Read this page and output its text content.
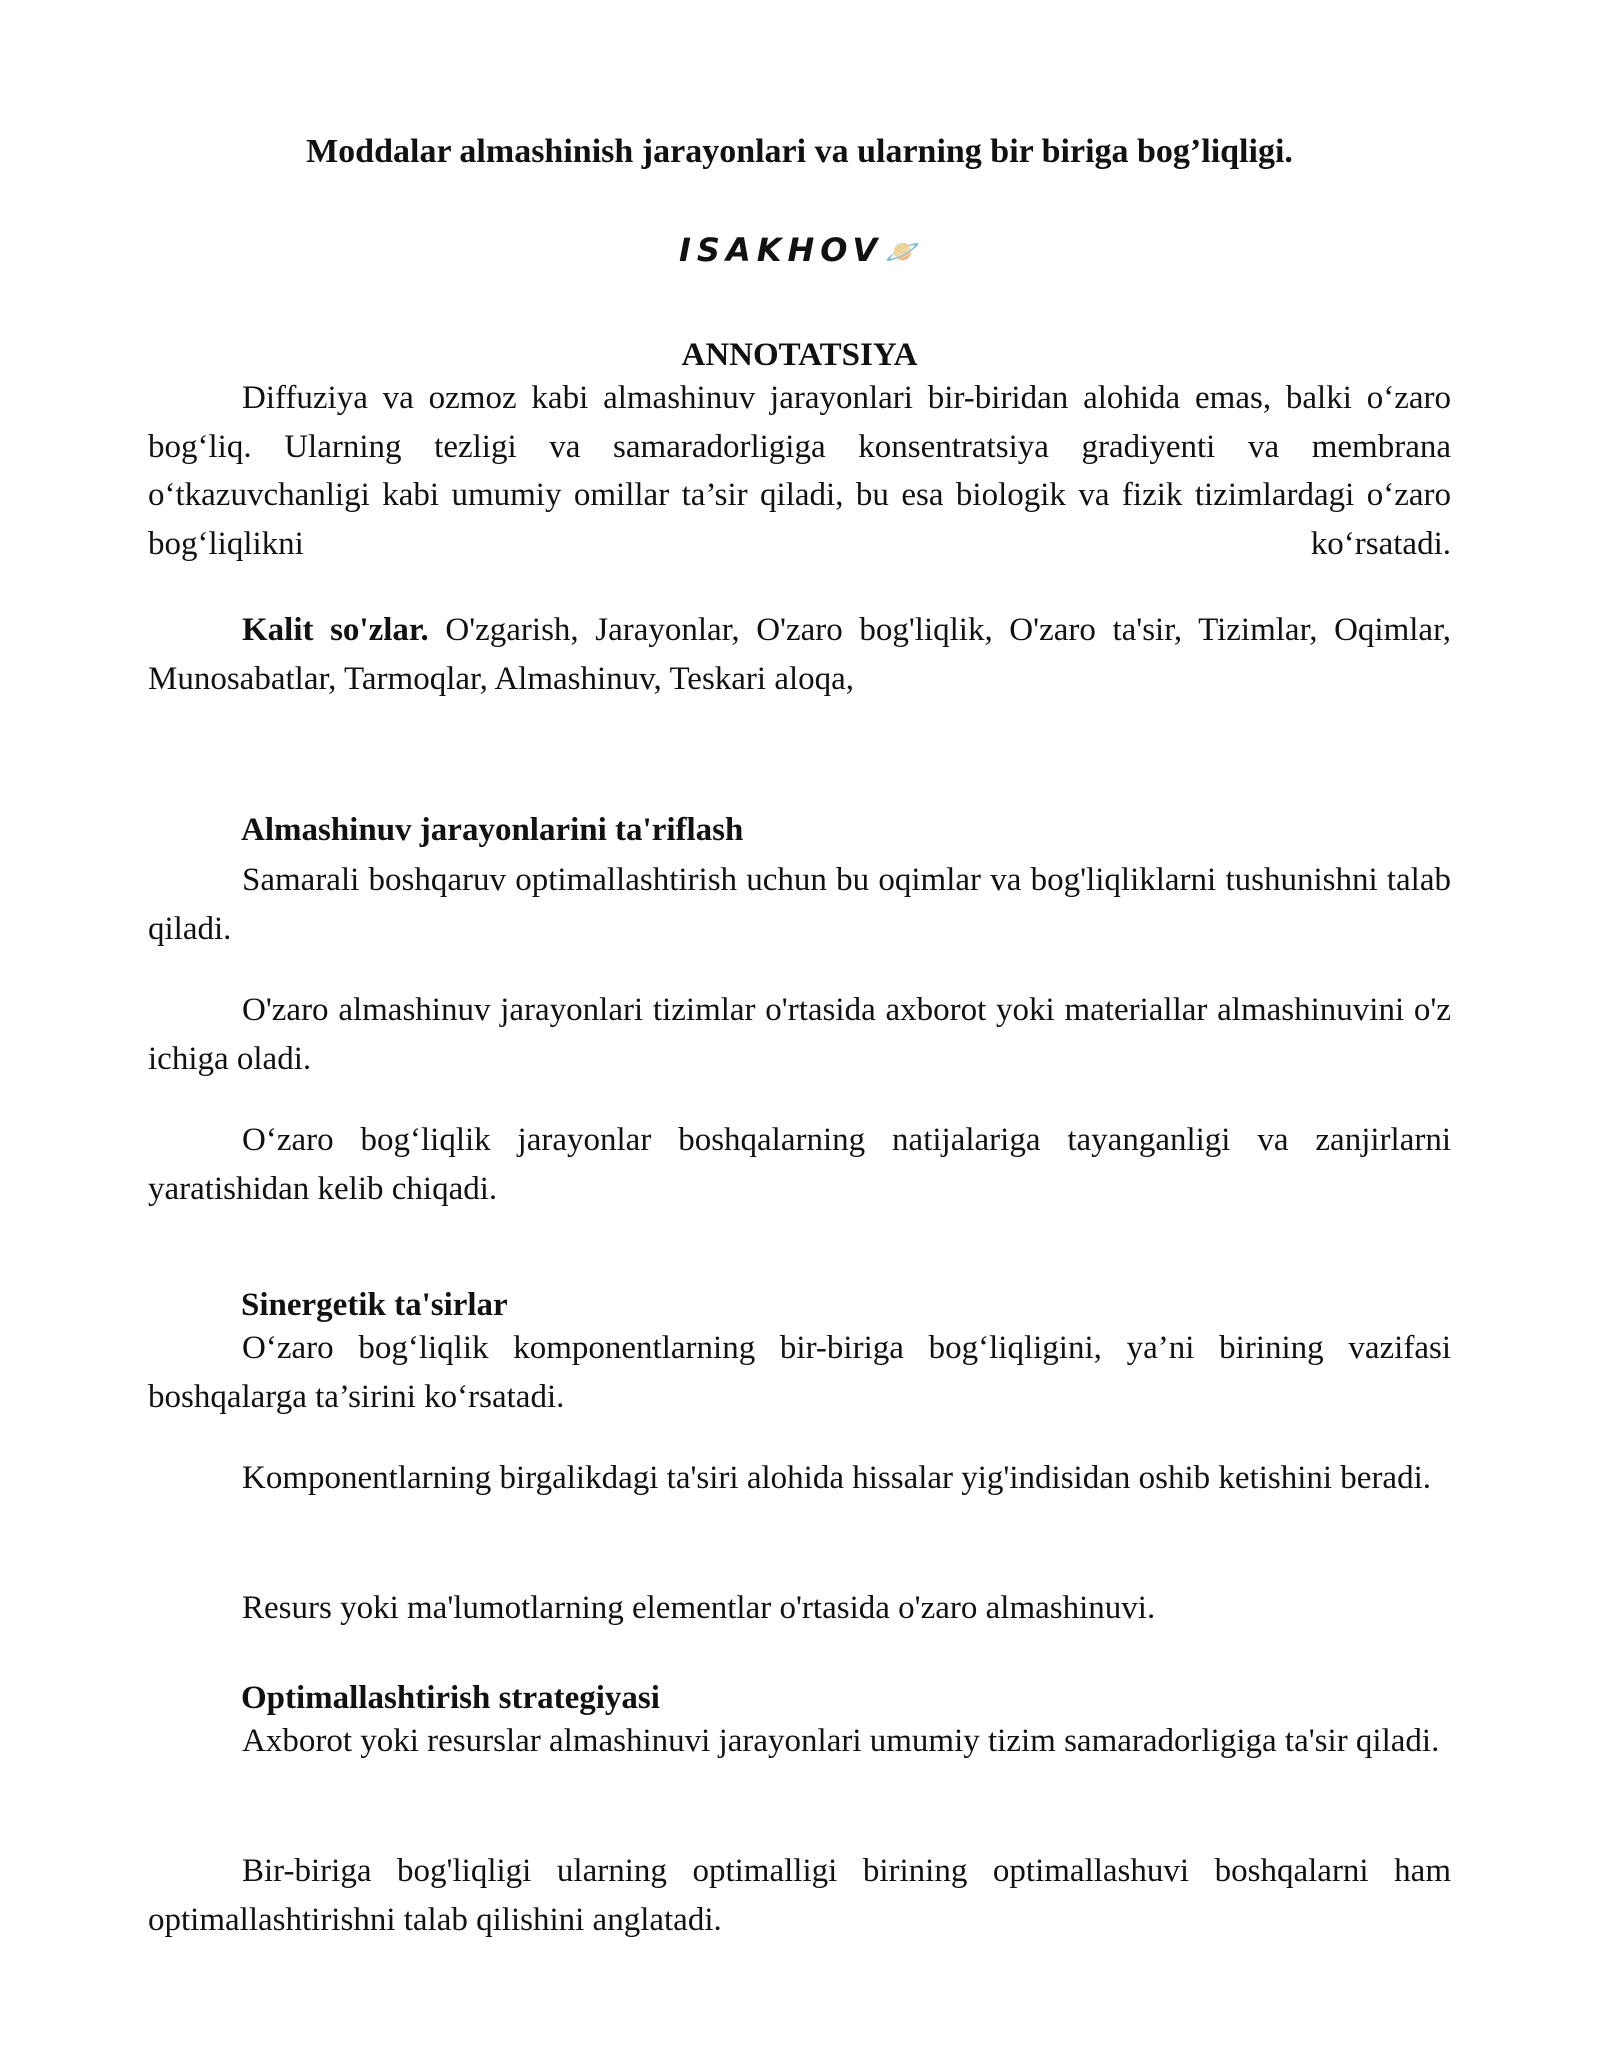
Moddalar almashinish jarayonlari va ularning bir biriga bog’liqligi.
ISAKHOV🪐
ANNOTATSIYA

Diffuziya va ozmoz kabi almashinuv jarayonlari bir-biridan alohida emas, balki o‘zaro bog‘liq. Ularning tezligi va samaradorligiga konsentratsiya gradiyenti va membrana o‘tkazuvchanligi kabi umumiy omillar ta’sir qiladi, bu esa biologik va fizik tizimlardagi o‘zaro bog‘liqlikni ko‘rsatadi.

Kalit so'zlar. O'zgarish, Jarayonlar, O'zaro bog'liqlik, O'zaro ta'sir, Tizimlar, Oqimlar, Munosabatlar, Tarmoqlar, Almashinuv, Teskari aloqa,

Almashinuv jarayonlarini ta'riflash

Samarali boshqaruv optimallashtirish uchun bu oqimlar va bog'liqliklarni tushunishni talab qiladi.

O'zaro almashinuv jarayonlari tizimlar o'rtasida axborot yoki materiallar almashinuvini o'z ichiga oladi.

O‘zaro bog‘liqlik jarayonlar boshqalarning natijalariga tayanganligi va zanjirlarni yaratishidan kelib chiqadi.

Sinergetik ta'sirlar

O‘zaro bog‘liqlik komponentlarning bir-biriga bog‘liqligini, ya’ni birining vazifasi boshqalarga ta’sirini ko‘rsatadi.

Komponentlarning birgalikdagi ta'siri alohida hissalar yig'indisidan oshib ketishini beradi.

Resurs yoki ma'lumotlarning elementlar o'rtasida o'zaro almashinuvi.

Optimallashtirish strategiyasi

Axborot yoki resurslar almashinuvi jarayonlari umumiy tizim samaradorligiga ta'sir qiladi.

Bir-biriga bog'liqligi ularning optimalligi birining optimallashuvi boshqalarni ham optimallashtirishni talab qilishini anglatadi.
